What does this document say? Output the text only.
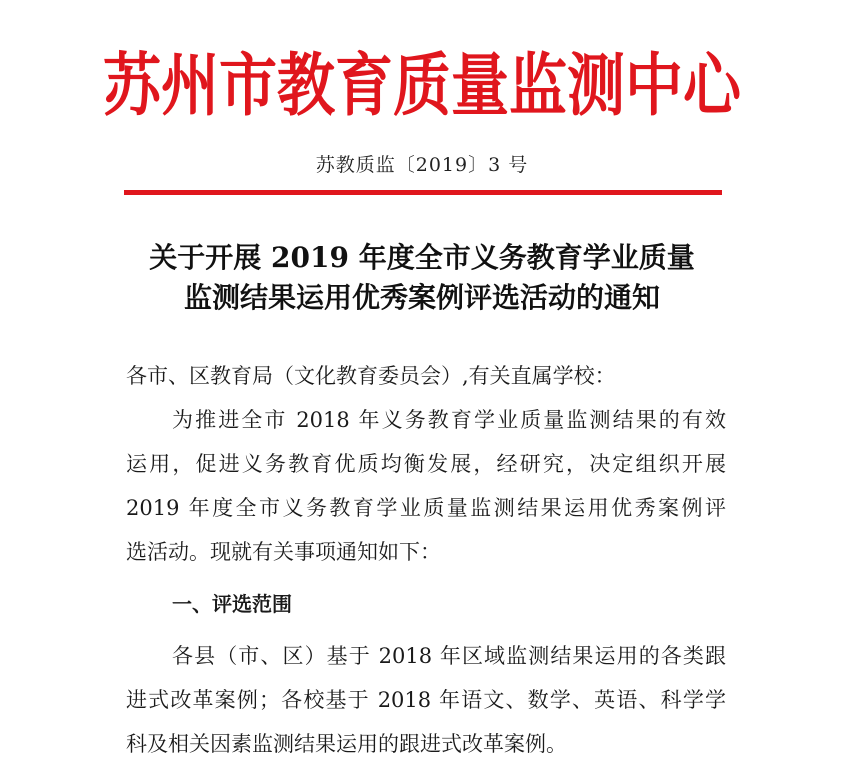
苏州市教育质量监测中心
苏教质监〔2019〕3 号
关于开展 2019 年度全市义务教育学业质量
监测结果运用优秀案例评选活动的通知
各市、区教育局（文化教育委员会）,有关直属学校：
为推进全市 2018 年义务教育学业质量监测结果的有效
运用，促进义务教育优质均衡发展，经研究，决定组织开展
2019 年度全市义务教育学业质量监测结果运用优秀案例评
选活动。现就有关事项通知如下：
一、评选范围
各县（市、区）基于 2018 年区域监测结果运用的各类跟
进式改革案例；各校基于 2018 年语文、数学、英语、科学学
科及相关因素监测结果运用的跟进式改革案例。
